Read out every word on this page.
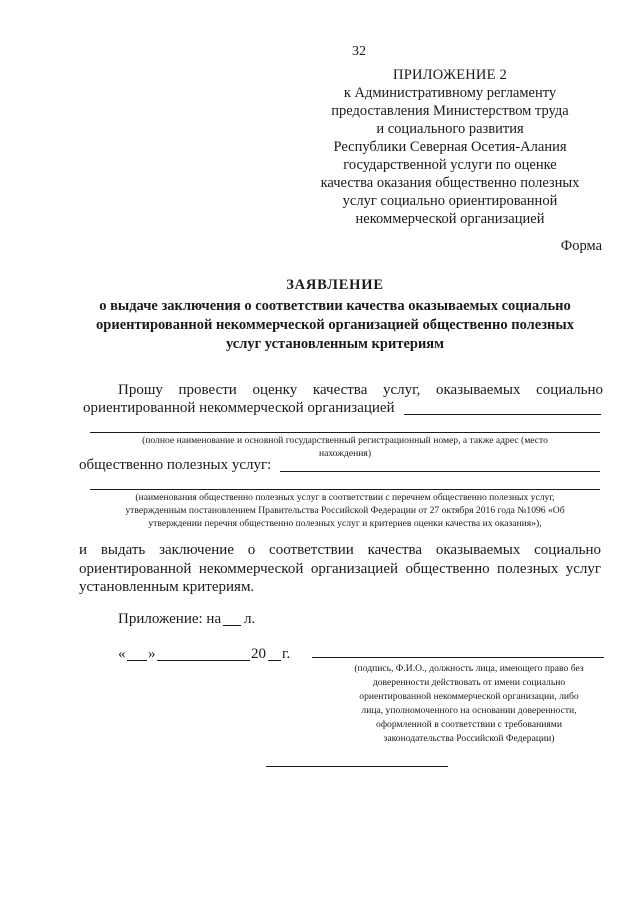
32
ПРИЛОЖЕНИЕ 2
к Административному регламенту
предоставления Министерством труда
и социального развития
Республики Северная Осетия-Алания
государственной услуги по оценке
качества оказания общественно полезных
услуг социально ориентированной
некоммерческой организацией
Форма
ЗАЯВЛЕНИЕ
о выдаче заключения о соответствии качества оказываемых социально
ориентированной некоммерческой организацией общественно полезных
услуг установленным критериям
Прошу провести оценку качества услуг, оказываемых социально
ориентированной некоммерческой организацией
(полное наименование и основной государственный регистрационный номер, а также адрес (место
нахождения)
общественно полезных услуг:
(наименования общественно полезных услуг в соответствии с перечнем общественно полезных услуг,
утвержденным постановлением Правительства Российской Федерации от 27 октября 2016 года №1096 «Об
утверждении перечня общественно полезных услуг и критериев оценки качества их оказания»),
и выдать заключение о соответствии качества оказываемых социально
ориентированной некоммерческой организацией общественно полезных услуг
установленным критериям.
Приложение: на л.
« »	20 г.
(подпись, Ф.И.О., должность лица, имеющего право без
доверенности действовать от имени социально
ориентированной некоммерческой организации, либо
лица, уполномоченного на основании доверенности,
оформленной в соответствии с требованиями
законодательства Российской Федерации)
